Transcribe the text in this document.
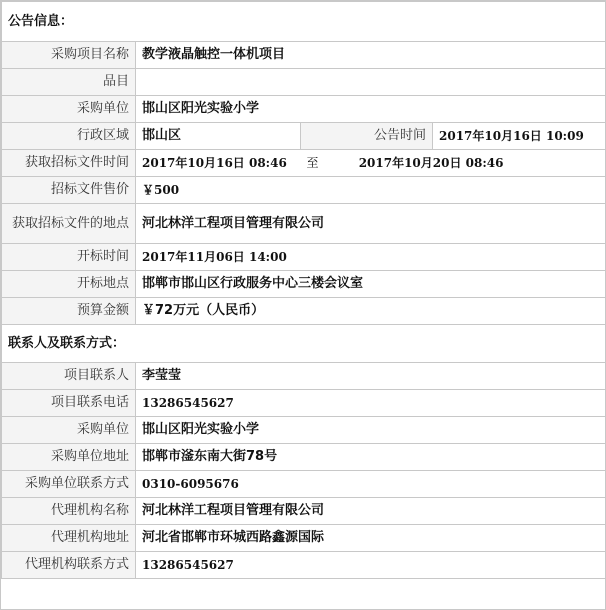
公告信息：			
采购项目名称	教学液晶触控一体机项目		
品目			
采购单位	邯山区阳光实验小学		
行政区域	邯山区	公告时间	2017年10月16日 10:09
获取招标文件时间	2017年10月16日 08:46	至 2017年10月20日 08:46	
招标文件售价	￥500		
获取招标文件的地点	河北林洋工程项目管理有限公司		
开标时间	2017年11月06日 14:00		
开标地点	邯郸市邯山区行政服务中心三楼会议室		
预算金额	￥72万元（人民币）		
联系人及联系方式：			
项目联系人	李莹莹		
项目联系电话	13286545627		
采购单位	邯山区阳光实验小学		
采购单位地址	邯郸市滏东南大街78号		
采购单位联系方式	0310-6095676		
代理机构名称	河北林洋工程项目管理有限公司		
代理机构地址	河北省邯郸市环城西路鑫源国际		
代理机构联系方式	13286545627		
